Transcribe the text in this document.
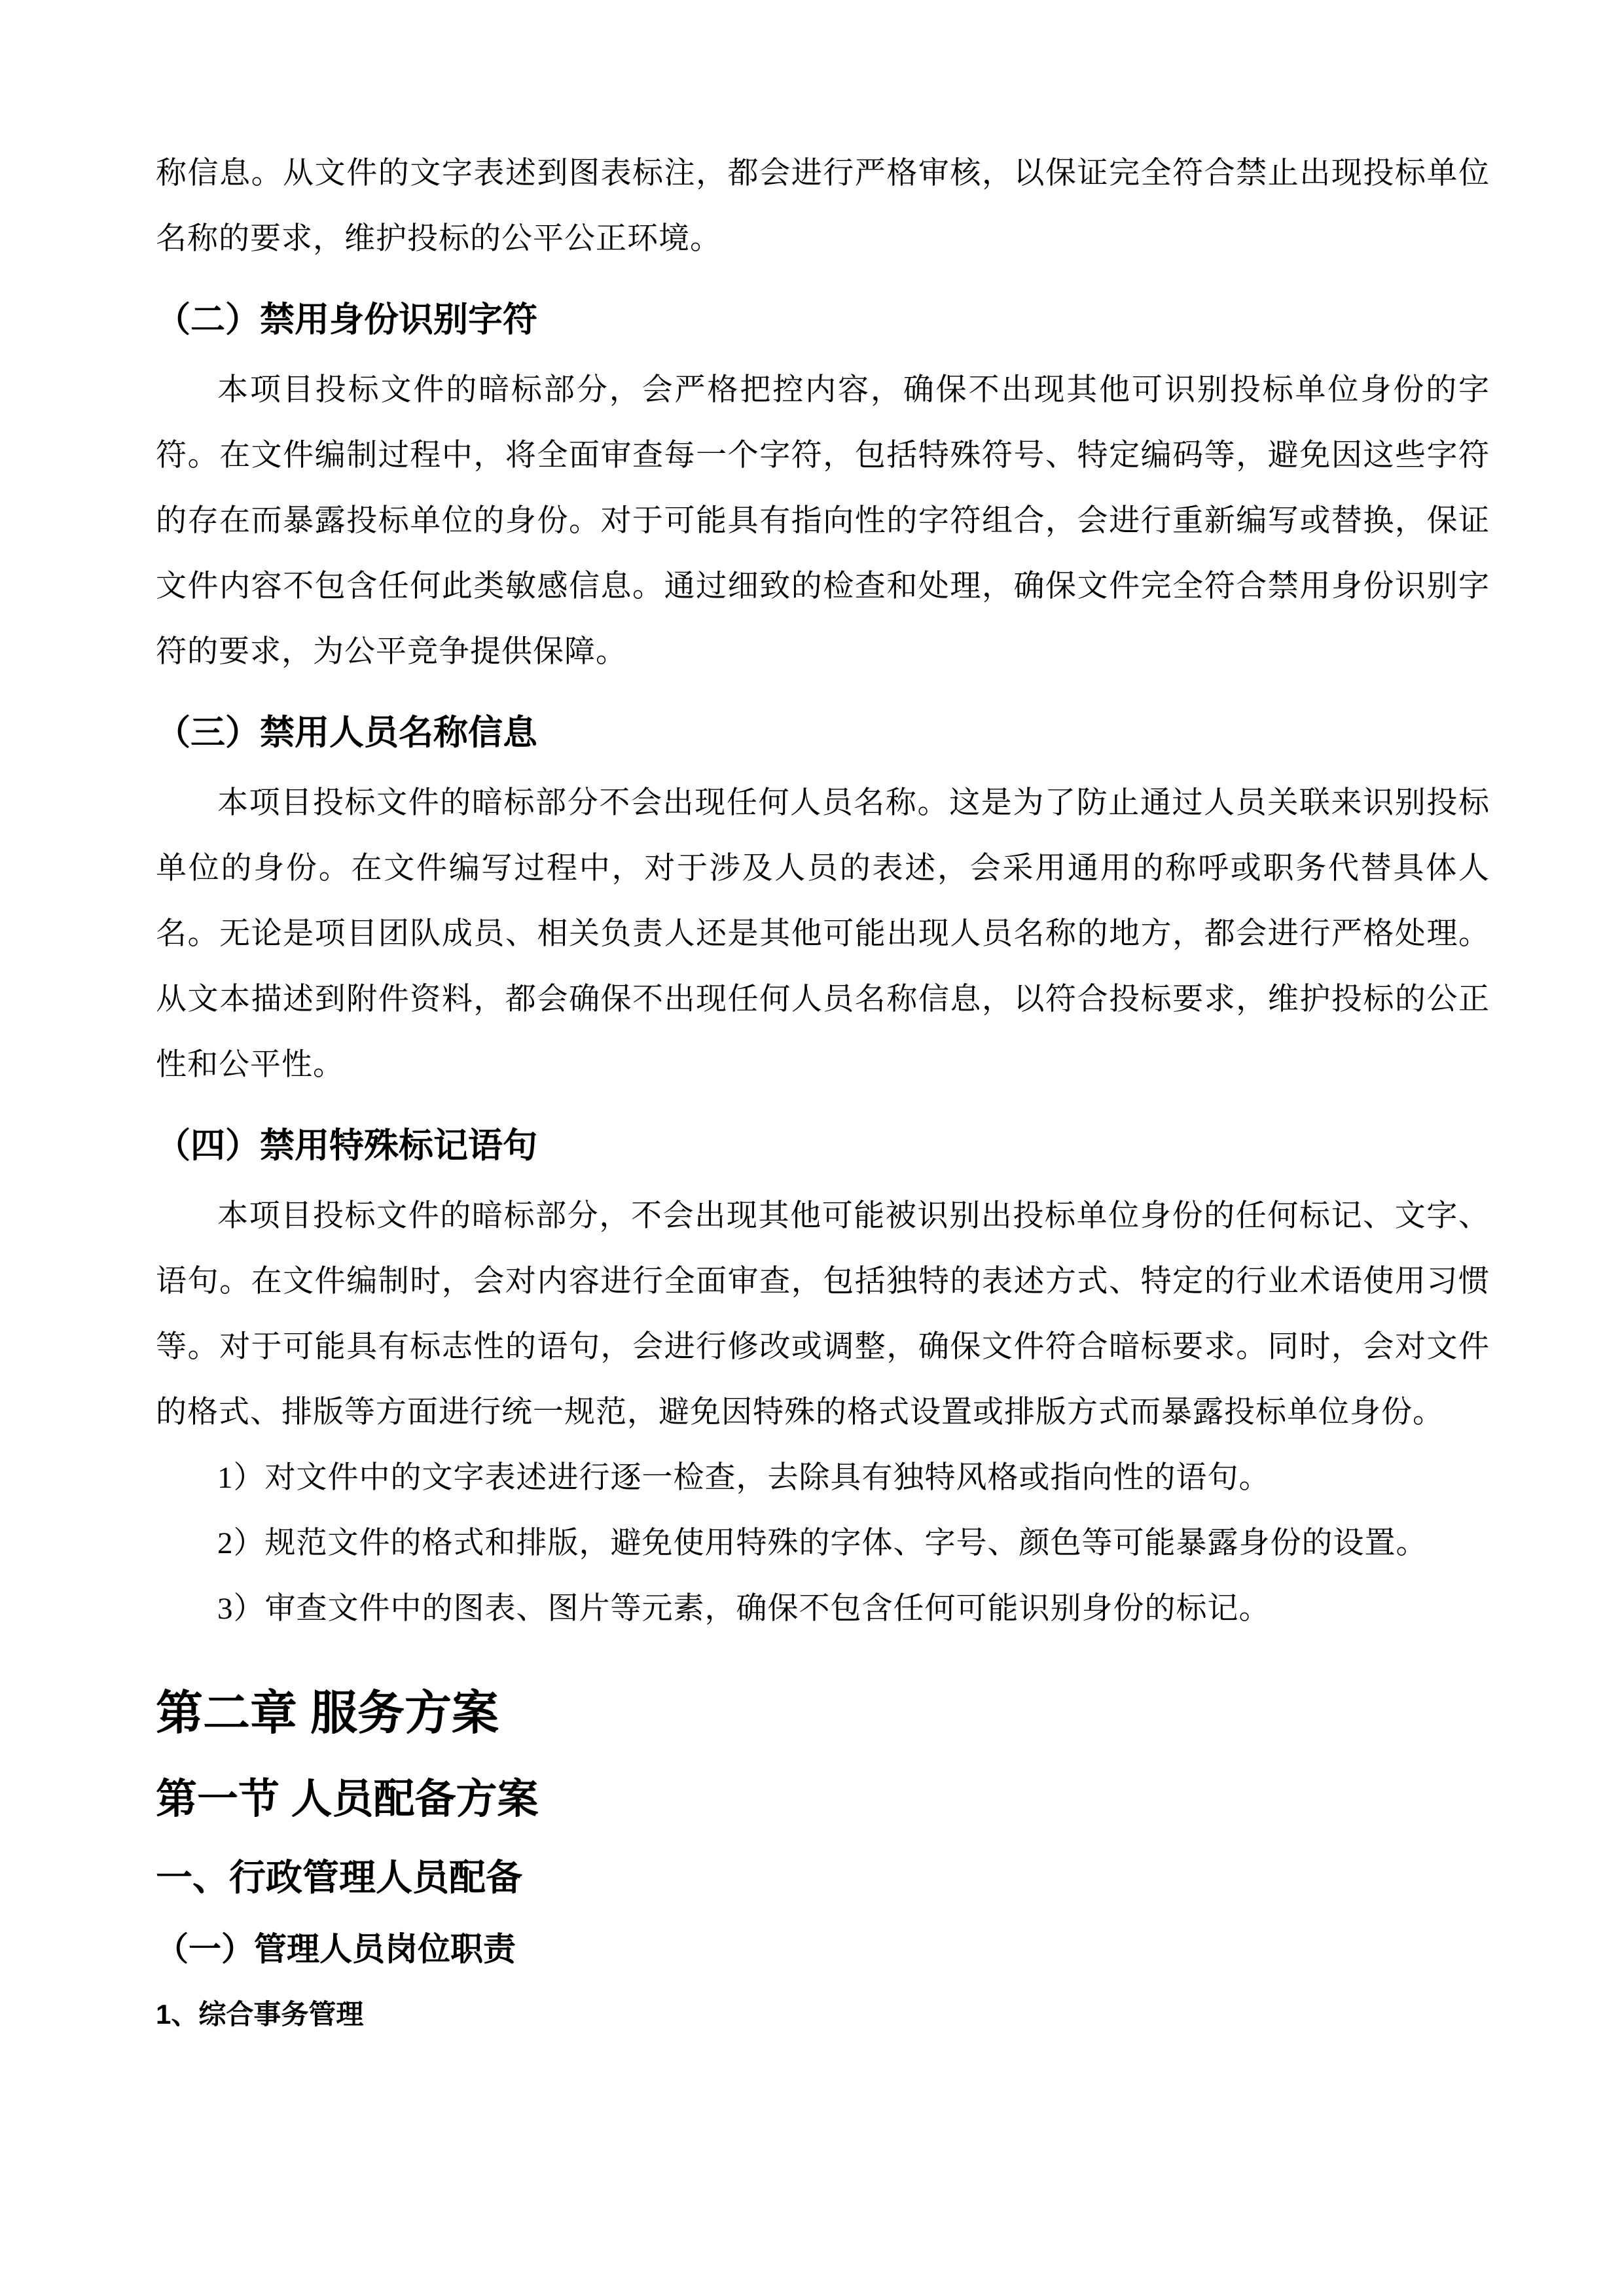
称信息。从文件的文字表述到图表标注，都会进行严格审核，以保证完全符合禁止出现投标单位名称的要求，维护投标的公平公正环境。

（二）禁用身份识别字符

本项目投标文件的暗标部分，会严格把控内容，确保不出现其他可识别投标单位身份的字符。在文件编制过程中，将全面审查每一个字符，包括特殊符号、特定编码等，避免因这些字符的存在而暴露投标单位的身份。对于可能具有指向性的字符组合，会进行重新编写或替换，保证文件内容不包含任何此类敏感信息。通过细致的检查和处理，确保文件完全符合禁用身份识别字符的要求，为公平竞争提供保障。

（三）禁用人员名称信息

本项目投标文件的暗标部分不会出现任何人员名称。这是为了防止通过人员关联来识别投标单位的身份。在文件编写过程中，对于涉及人员的表述，会采用通用的称呼或职务代替具体人名。无论是项目团队成员、相关负责人还是其他可能出现人员名称的地方，都会进行严格处理。从文本描述到附件资料，都会确保不出现任何人员名称信息，以符合投标要求，维护投标的公正性和公平性。

（四）禁用特殊标记语句

本项目投标文件的暗标部分，不会出现其他可能被识别出投标单位身份的任何标记、文字、语句。在文件编制时，会对内容进行全面审查，包括独特的表述方式、特定的行业术语使用习惯等。对于可能具有标志性的语句，会进行修改或调整，确保文件符合暗标要求。同时，会对文件的格式、排版等方面进行统一规范，避免因特殊的格式设置或排版方式而暴露投标单位身份。

1）对文件中的文字表述进行逐一检查，去除具有独特风格或指向性的语句。

2）规范文件的格式和排版，避免使用特殊的字体、字号、颜色等可能暴露身份的设置。

3）审查文件中的图表、图片等元素，确保不包含任何可能识别身份的标记。

第二章 服务方案
第一节 人员配备方案
一、行政管理人员配备
（一）管理人员岗位职责
1、综合事务管理
